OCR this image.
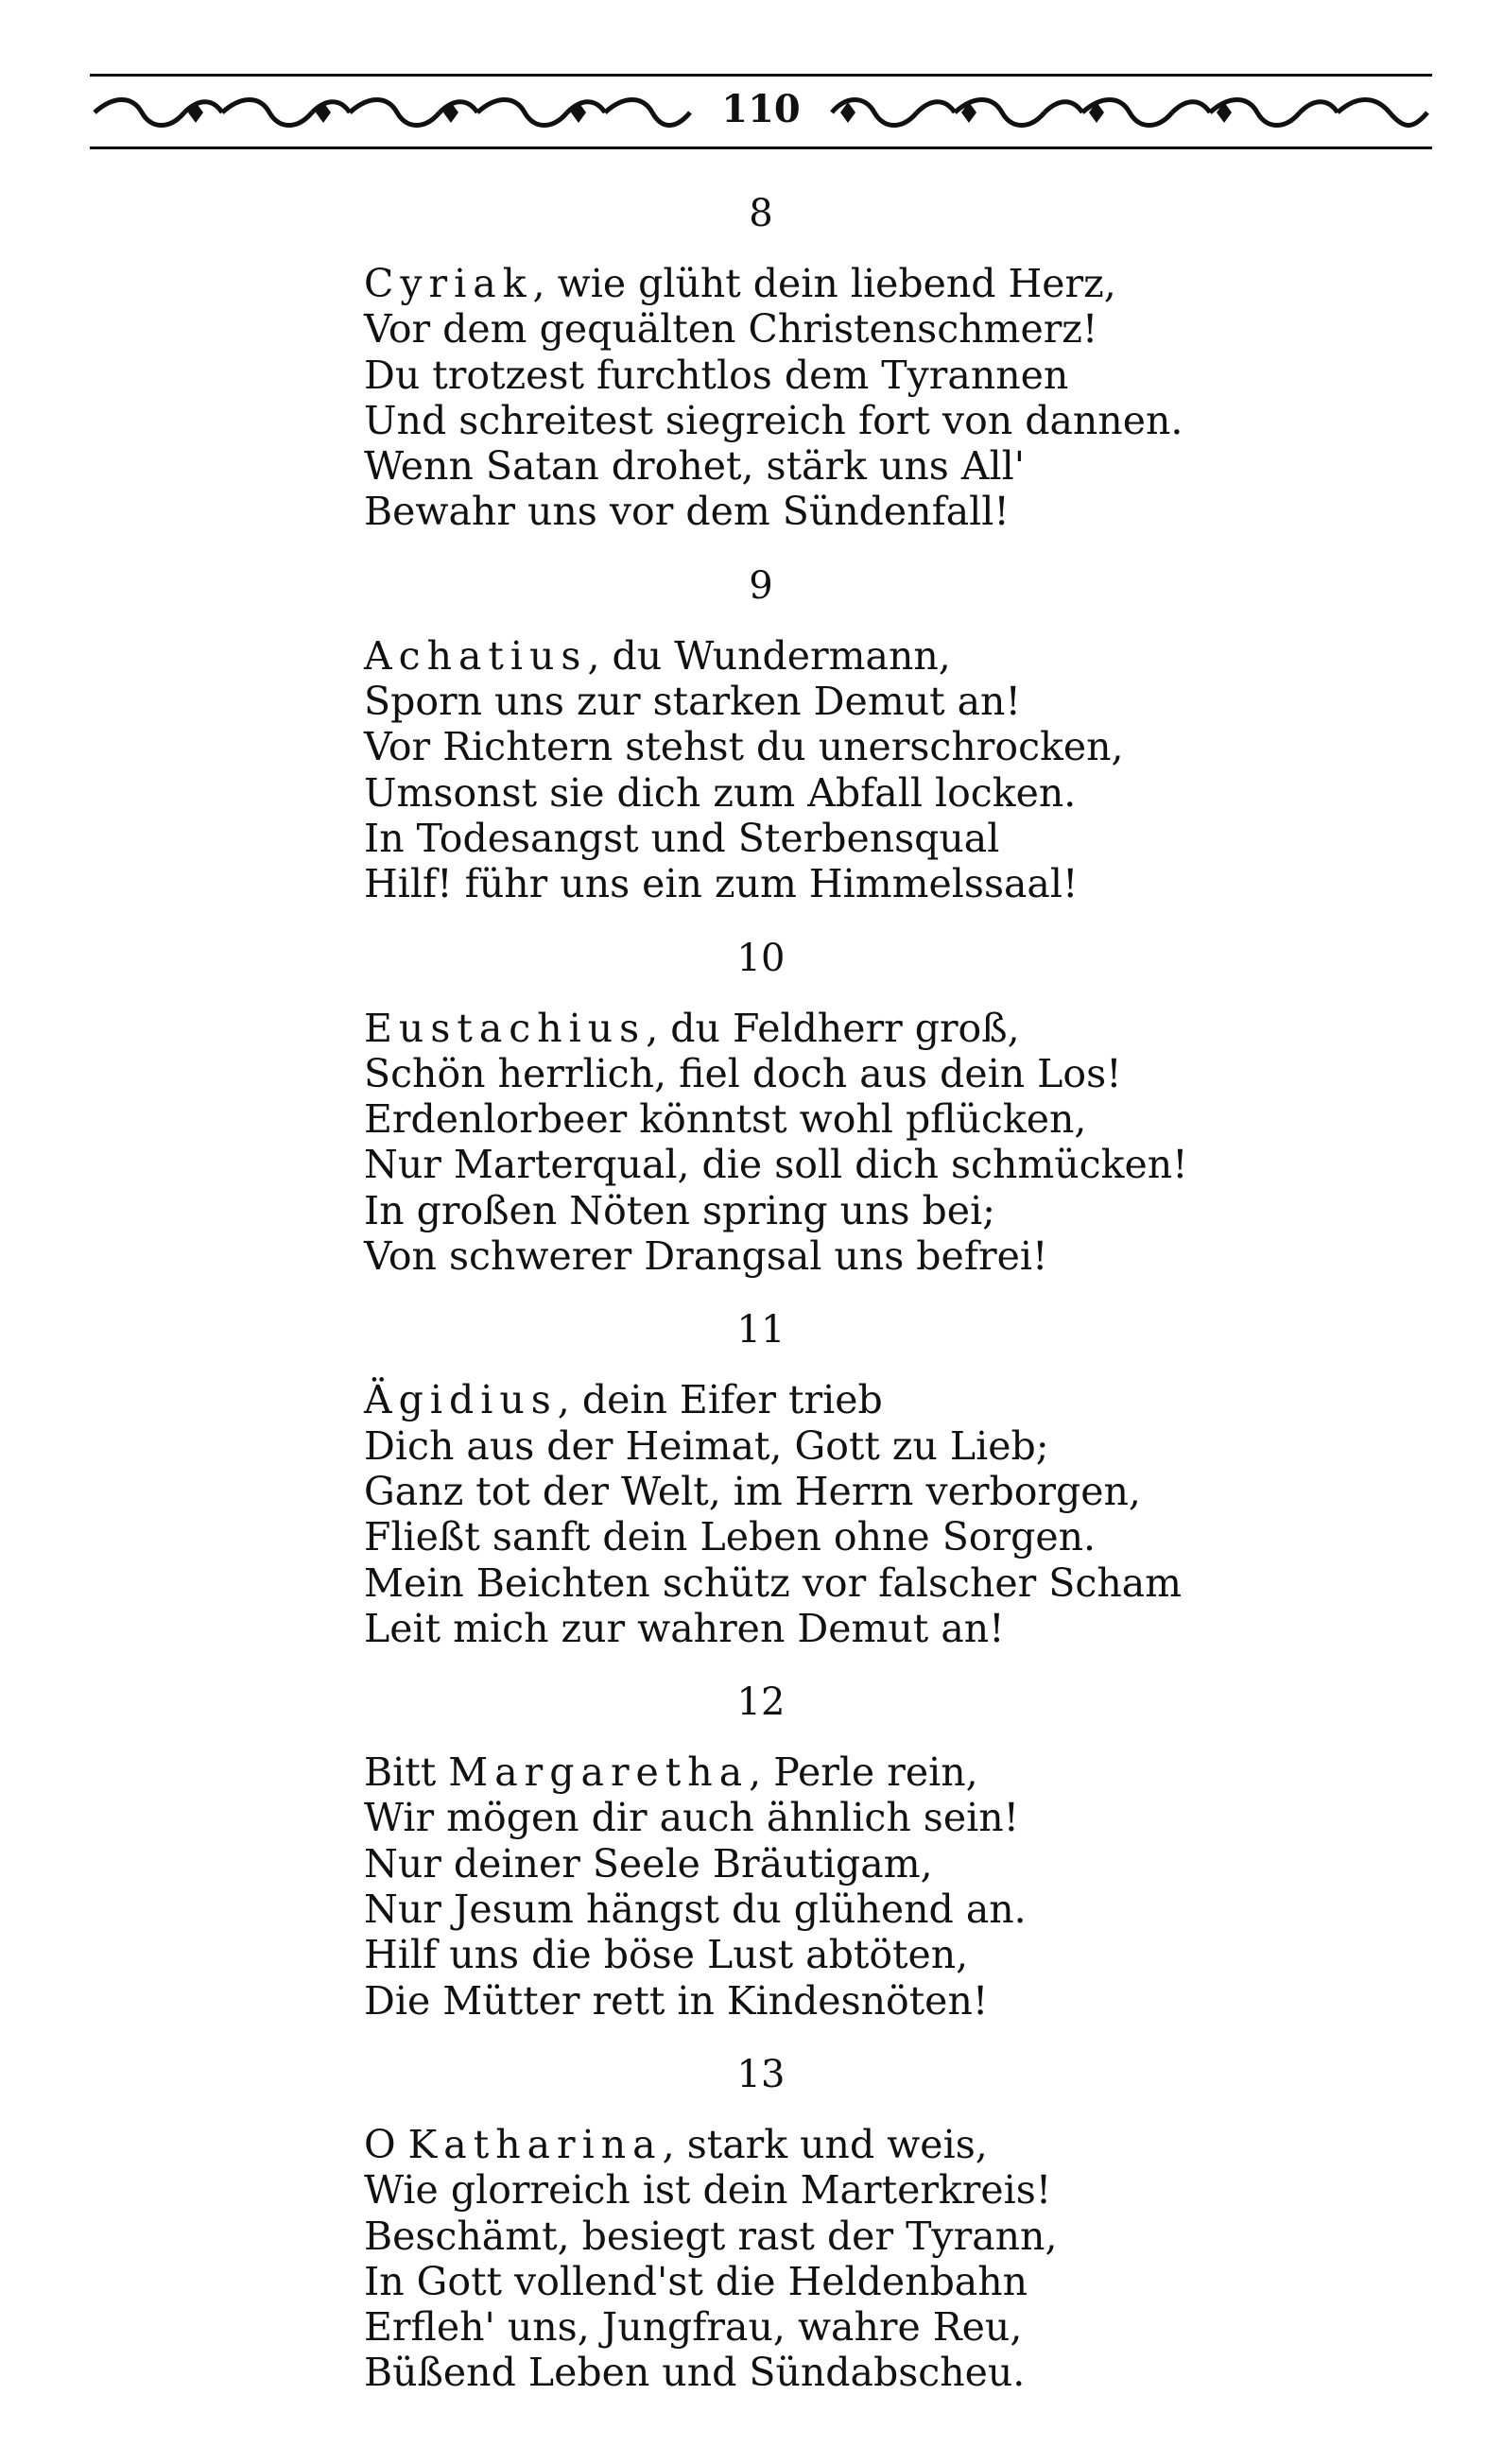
110
8
Cyriak, wie glüht dein liebend Herz,
Vor dem gequälten Christenschmerz!
Du trotzest furchtlos dem Tyrannen
Und schreitest siegreich fort von dannen.
Wenn Satan drohet, stärk uns All'
Bewahr uns vor dem Sündenfall!
9
Achatius, du Wundermann,
Sporn uns zur starken Demut an!
Vor Richtern stehst du unerschrocken,
Umsonst sie dich zum Abfall locken.
In Todesangst und Sterbensqual
Hilf! führ uns ein zum Himmelssaal!
10
Eustachius, du Feldherr groß,
Schön herrlich, fiel doch aus dein Los!
Erdenlorbeer könntst wohl pflücken,
Nur Marterqual, die soll dich schmücken!
In großen Nöten spring uns bei;
Von schwerer Drangsal uns befrei!
11
Ägidius, dein Eifer trieb
Dich aus der Heimat, Gott zu Lieb;
Ganz tot der Welt, im Herrn verborgen,
Fließt sanft dein Leben ohne Sorgen.
Mein Beichten schütz vor falscher Scham
Leit mich zur wahren Demut an!
12
Bitt Margaretha, Perle rein,
Wir mögen dir auch ähnlich sein!
Nur deiner Seele Bräutigam,
Nur Jesum hängst du glühend an.
Hilf uns die böse Lust abtöten,
Die Mütter rett in Kindesnöten!
13
O Katharina, stark und weis,
Wie glorreich ist dein Marterkreis!
Beschämt, besiegt rast der Tyrann,
In Gott vollend'st die Heldenbahn
Erfleh' uns, Jungfrau, wahre Reu,
Büßend Leben und Sündabscheu.
